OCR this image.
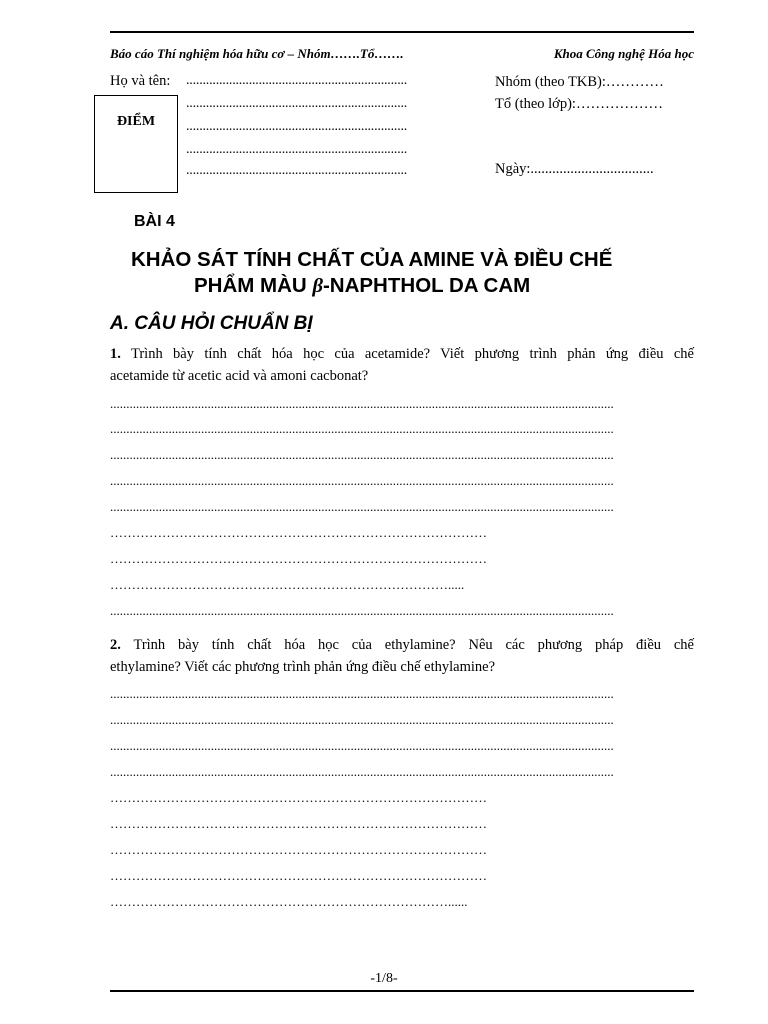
Báo cáo Thí nghiệm hóa hữu cơ – Nhóm…….Tổ…….	Khoa Công nghệ Hóa học
Họ và tên: ...................................................................
...................................................................
...................................................................
...................................................................
...................................................................
Nhóm (theo TKB):…………
Tổ (theo lớp):………………
Ngày:..................................
ĐIỂM
BÀI 4
KHẢO SÁT TÍNH CHẤT CỦA AMINE VÀ ĐIỀU CHẾ
PHẨM MÀU β-NAPHTHOL DA CAM
A. CÂU HỎI CHUẨN BỊ
1. Trình bày tính chất hóa học của acetamide? Viết phương trình phản ứng điều chế
acetamide từ acetic acid và amoni cacbonat?
...........................................................................................................................................................
...........................................................................................................................................................
...........................................................................................................................................................
...........................................................................................................................................................
...........................................................................................................................................................
……………………………………………………………………………
……………………………………………………………………………
…………………………………………………………………….....
...........................................................................................................................................................
2. Trình bày tính chất hóa học của ethylamine? Nêu các phương pháp điều chế
ethylamine? Viết các phương trình phản ứng điều chế ethylamine?
...........................................................................................................................................................
...........................................................................................................................................................
...........................................................................................................................................................
...........................................................................................................................................................
……………………………………………………………………………
……………………………………………………………………………
……………………………………………………………………………
……………………………………………………………………………
……………………………………………………………………......
-1/8-
